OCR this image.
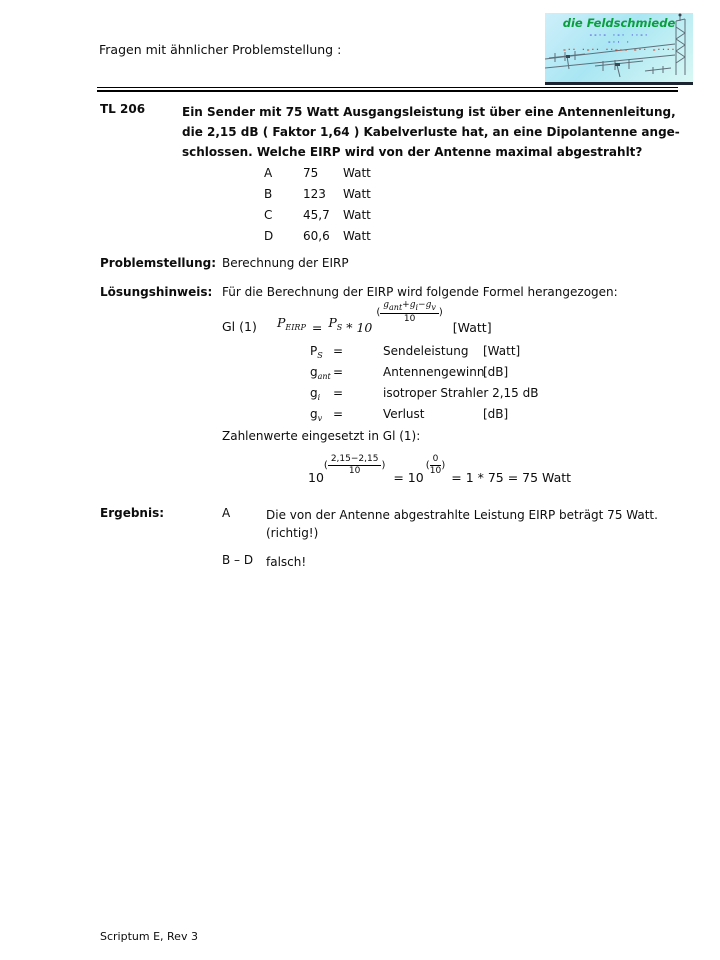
Fragen mit ähnlicher Problemstellung :
die Feldschmiede
--·- ·-· ··-·
-·· ·
-·· ·-·· ··--- -·· -····
TL 206	Ein Sender mit 75 Watt Ausgangsleistung ist über eine Antennenleitung,
die 2,15 dB ( Faktor 1,64 ) Kabelverluste hat, an eine Dipolantenne ange-
schlossen. Welche EIRP wird von der Antenne maximal abgestrahlt?
A	75 Watt
B	123 Watt
C	45,7 Watt
D 60,6 Watt
Problemstellung: Berechnung der EIRP
Lösungshinweis: Für die Berechnung der EIRP wird folgende Formel herangezogen:
Gl (1) $P_{EIRP} = P_S * 10$
( $\frac{\text{gant+gi−gv}}{10}$ )
[Watt]
$P_S$ =	Sendeleistung [Watt]
$g_{ant}$ =	Antennengewinn[dB]
$g_i$ =	isotroper Strahler 2,15 dB
$g_v$ =	Verlust	[dB]
Zahlenwerte eingesetzt in Gl (1):
10
( $\frac{2,15-2,15}{10}$ )
= 10
( $\frac{0}{10}$ )
= 1 * 75 = 75 Watt
Ergebnis:	A	Die von der Antenne abgestrahlte Leistung EIRP beträgt 75 Watt.
(richtig!)
B – D falsch!
Scriptum E, Rev 3
